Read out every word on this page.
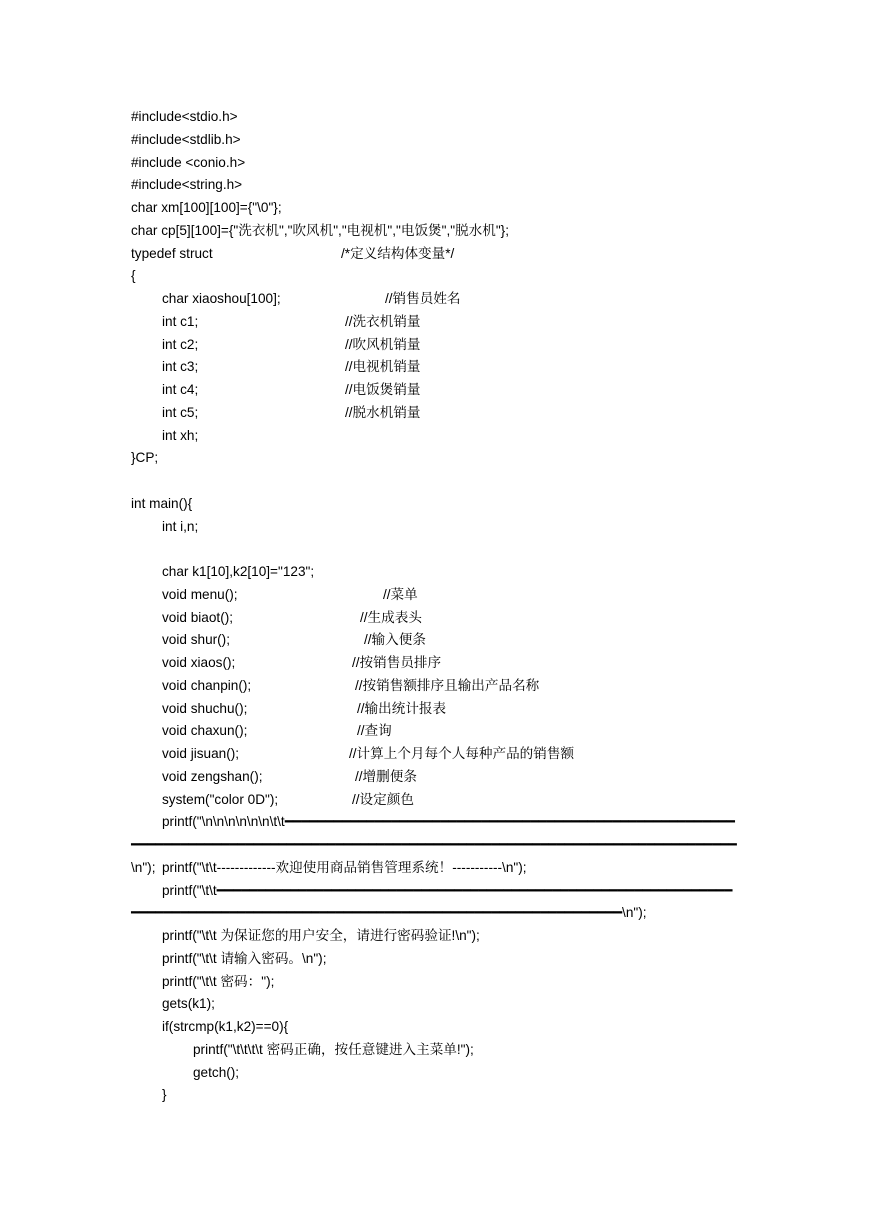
#include<stdio.h>
#include<stdlib.h>
#include <conio.h>
#include<string.h>
char xm[100][100]={"\0"};
char cp[5][100]={"洗衣机","吹风机","电视机","电饭煲","脱水机"};
typedef struct	/*定义结构体变量*/
{
char xiaoshou[100];	//销售员姓名
int c1;	//洗衣机销量
int c2;	//吹风机销量
int c3;	//电视机销量
int c4;	//电饭煲销量
int c5;	//脱水机销量
int xh;
}CP;
int main(){
int i,n;
char k1[10],k2[10]="123";
void menu();	//菜单
void biaot();	//生成表头
void shur();	//输入便条
void xiaos();	//按销售员排序
void chanpin();	//按销售额排序且输出产品名称
void shuchu();	//输出统计报表
void chaxun();	//查询
void jisuan();	//计算上个月每个人每种产品的销售额
void zengshan();	//增删便条
system("color 0D");	//设定颜色
printf("\n\n\n\n\n\n\t\t━━━━━━━━━━━━━━━━━━━━━━━━━━━━━━━━━━━━━━━━━━━━━━━━━━━━━━━━━━━━━━━━━━━━━━━━━━━━━━━━━━━━━━━━━━━━━━━━━━━━━━━━━━━━━━━━━━━━━━━━━━━━━━━━━\n"); printf("\t\t-------------欢迎使用商品销售管理系统！-----------\n");
printf("\t\t━━━━━━━━━━━━━━━━━━━━━━━━━━━━━━━━━━━━━━━━━━━━━━━━━━━━━━━━━━━━━━━━━━━━━━━━━━━━━━━━━━━━━━━━━━━━━━━━━━━━━━━━━━━━━━━━━━━━━━━━━━━\n");
printf("\t\t 为保证您的用户安全，请进行密码验证!\n");
printf("\t\t 请输入密码。\n");
printf("\t\t 密码：");
gets(k1);
if(strcmp(k1,k2)==0){
printf("\t\t\t\t 密码正确，按任意键进入主菜单!");
getch();
}
